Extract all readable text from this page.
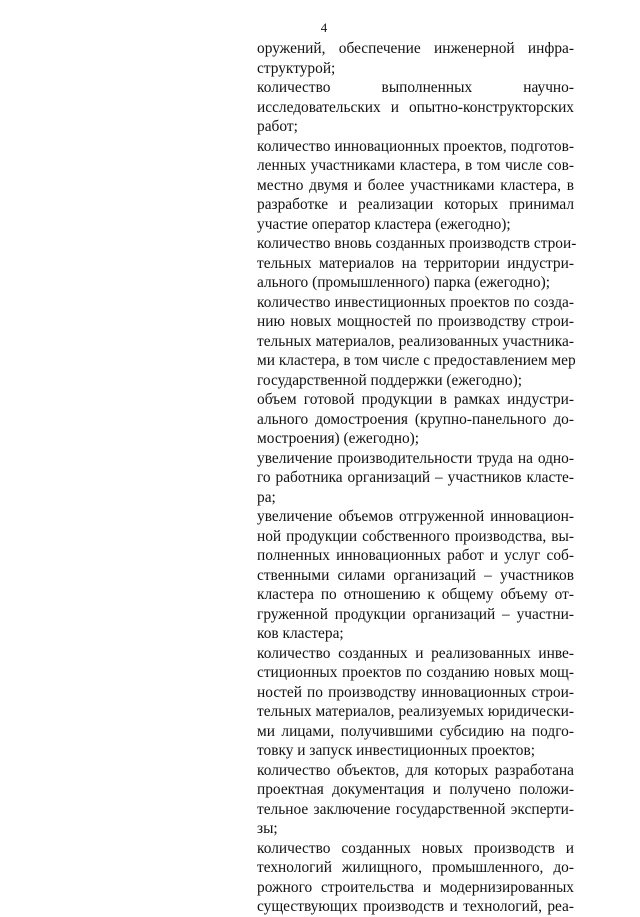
4
оружений, обеспечение инженерной инфра-
структурой;
количество выполненных научно-
исследовательских и опытно-конструкторских
работ;
количество инновационных проектов, подготов-
ленных участниками кластера, в том числе сов-
местно двумя и более участниками кластера, в
разработке и реализации которых принимал
участие оператор кластера (ежегодно);
количество вновь созданных производств строи-
тельных материалов на территории индустри-
ального (промышленного) парка (ежегодно);
количество инвестиционных проектов по созда-
нию новых мощностей по производству строи-
тельных материалов, реализованных участника-
ми кластера, в том числе с предоставлением мер
государственной поддержки (ежегодно);
объем готовой продукции в рамках индустри-
ального домостроения (крупно-панельного до-
мостроения) (ежегодно);
увеличение производительности труда на одно-
го работника организаций – участников класте-
ра;
увеличение объемов отгруженной инновацион-
ной продукции собственного производства, вы-
полненных инновационных работ и услуг соб-
ственными силами организаций – участников
кластера по отношению к общему объему от-
груженной продукции организаций – участни-
ков кластера;
количество созданных и реализованных инве-
стиционных проектов по созданию новых мощ-
ностей по производству инновационных строи-
тельных материалов, реализуемых юридически-
ми лицами, получившими субсидию на подго-
товку и запуск инвестиционных проектов;
количество объектов, для которых разработана
проектная документация и получено положи-
тельное заключение государственной эксперти-
зы;
количество созданных новых производств и
технологий жилищного, промышленного, до-
рожного строительства и модернизированных
существующих производств и технологий, реа-
